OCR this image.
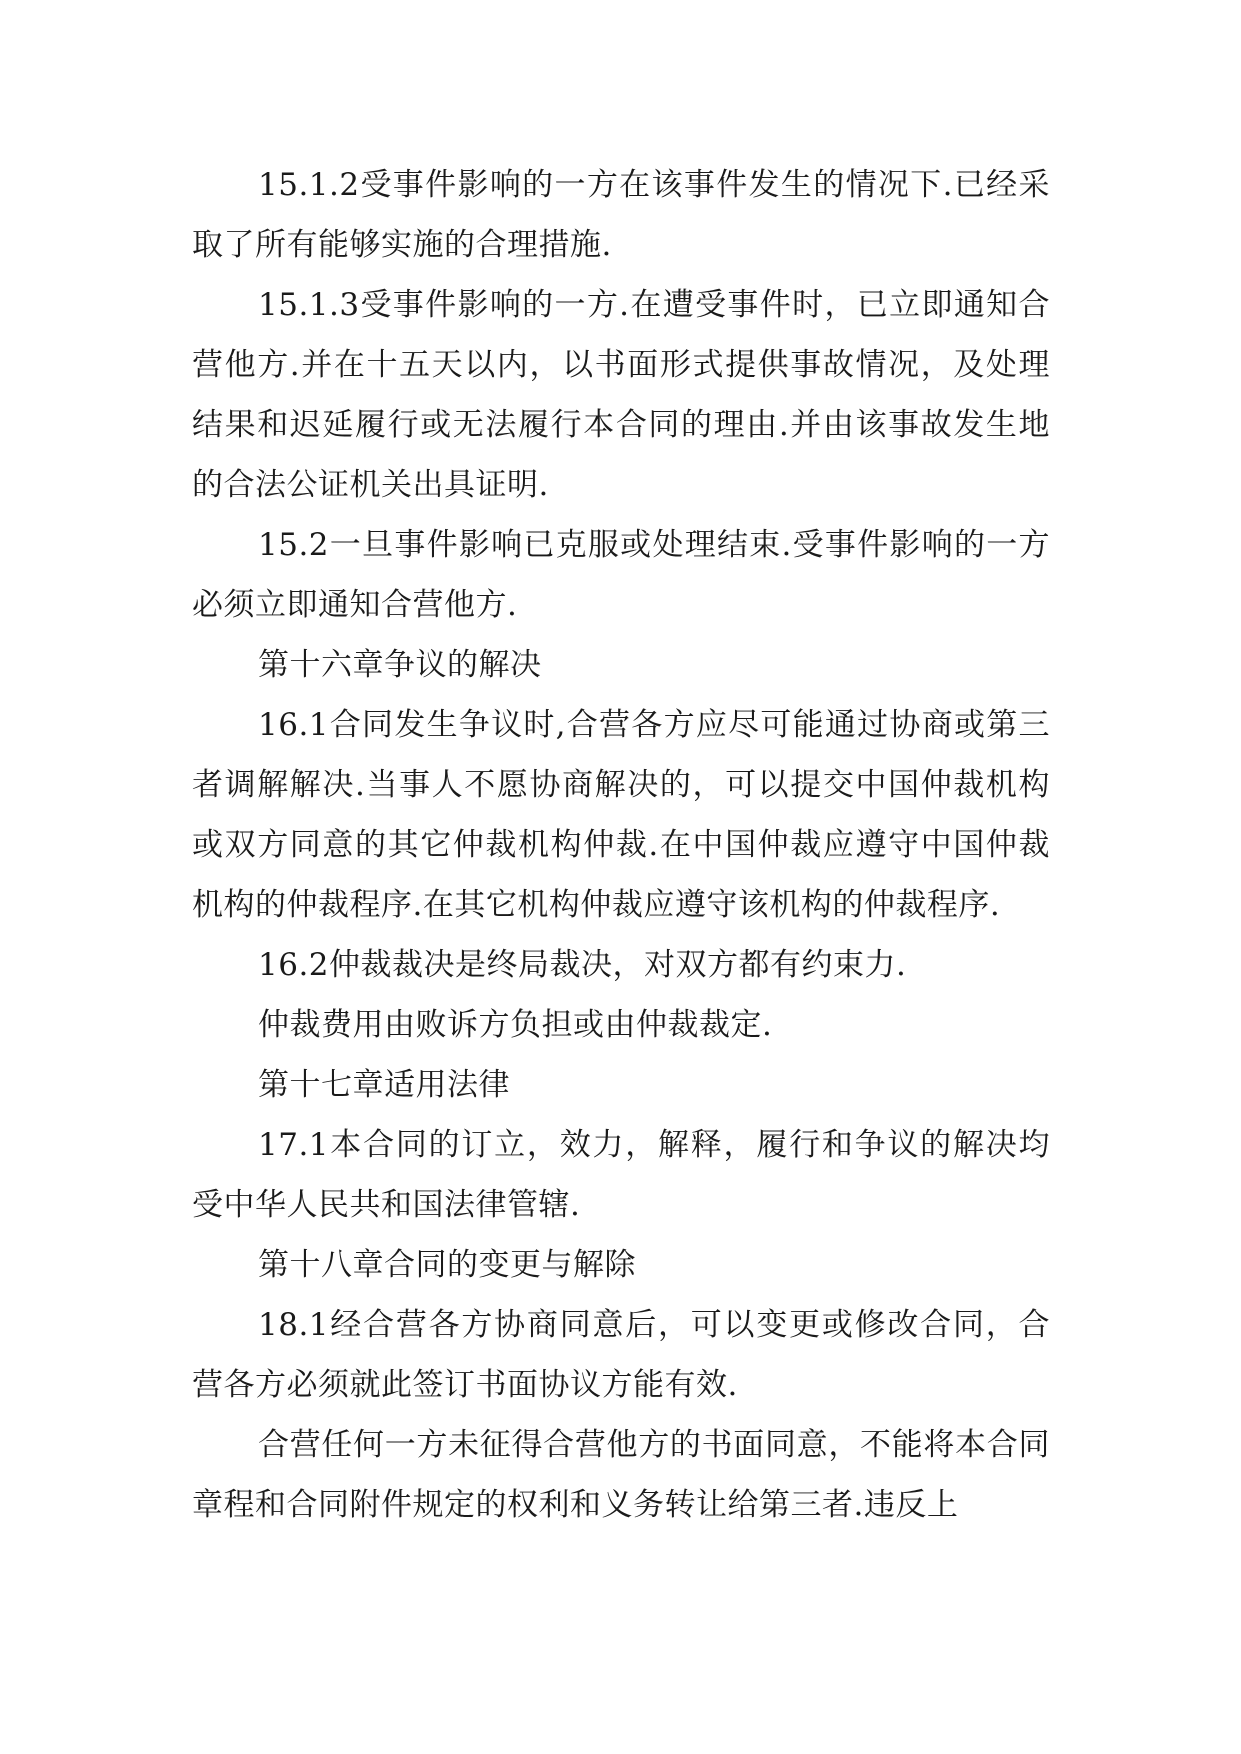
15.1.2受事件影响的一方在该事件发生的情况下.已经采取了所有能够实施的合理措施.

15.1.3受事件影响的一方.在遭受事件时，已立即通知合营他方.并在十五天以内，以书面形式提供事故情况，及处理结果和迟延履行或无法履行本合同的理由.并由该事故发生地的合法公证机关出具证明.

15.2一旦事件影响已克服或处理结束.受事件影响的一方必须立即通知合营他方.

第十六章争议的解决

16.1合同发生争议时,合营各方应尽可能通过协商或第三者调解解决.当事人不愿协商解决的，可以提交中国仲裁机构或双方同意的其它仲裁机构仲裁.在中国仲裁应遵守中国仲裁机构的仲裁程序.在其它机构仲裁应遵守该机构的仲裁程序.

16.2仲裁裁决是终局裁决，对双方都有约束力.

仲裁费用由败诉方负担或由仲裁裁定.

第十七章适用法律

17.1本合同的订立，效力，解释，履行和争议的解决均受中华人民共和国法律管辖.

第十八章合同的变更与解除

18.1经合营各方协商同意后，可以变更或修改合同，合营各方必须就此签订书面协议方能有效.

合营任何一方未征得合营他方的书面同意，不能将本合同章程和合同附件规定的权利和义务转让给第三者.违反上
